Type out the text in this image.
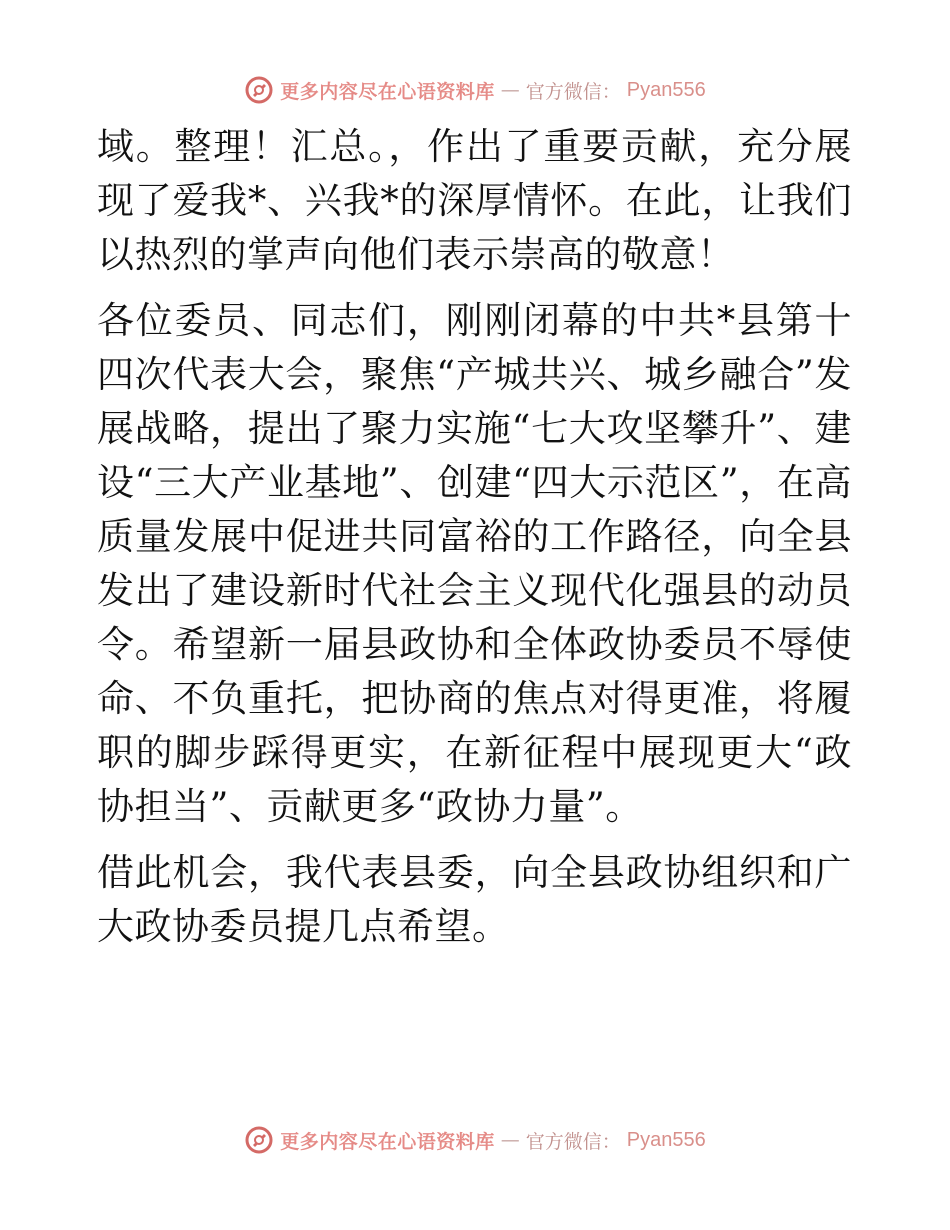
更多内容尽在心语资料库 — 官方微信： Pyan556

域。整理！汇总。，作出了重要贡献，充分展现了爱我*、兴我*的深厚情怀。在此，让我们以热烈的掌声向他们表示崇高的敬意！

各位委员、同志们，刚刚闭幕的中共*县第十四次代表大会，聚焦“产城共兴、城乡融合”发展战略，提出了聚力实施“七大攻坚攀升”、建设“三大产业基地”、创建“四大示范区”，在高质量发展中促进共同富裕的工作路径，向全县发出了建设新时代社会主义现代化强县的动员令。希望新一届县政协和全体政协委员不辱使命、不负重托，把协商的焦点对得更准，将履职的脚步踩得更实，在新征程中展现更大“政协担当”、贡献更多“政协力量”。

借此机会，我代表县委，向全县政协组织和广大政协委员提几点希望。

更多内容尽在心语资料库 — 官方微信： Pyan556
